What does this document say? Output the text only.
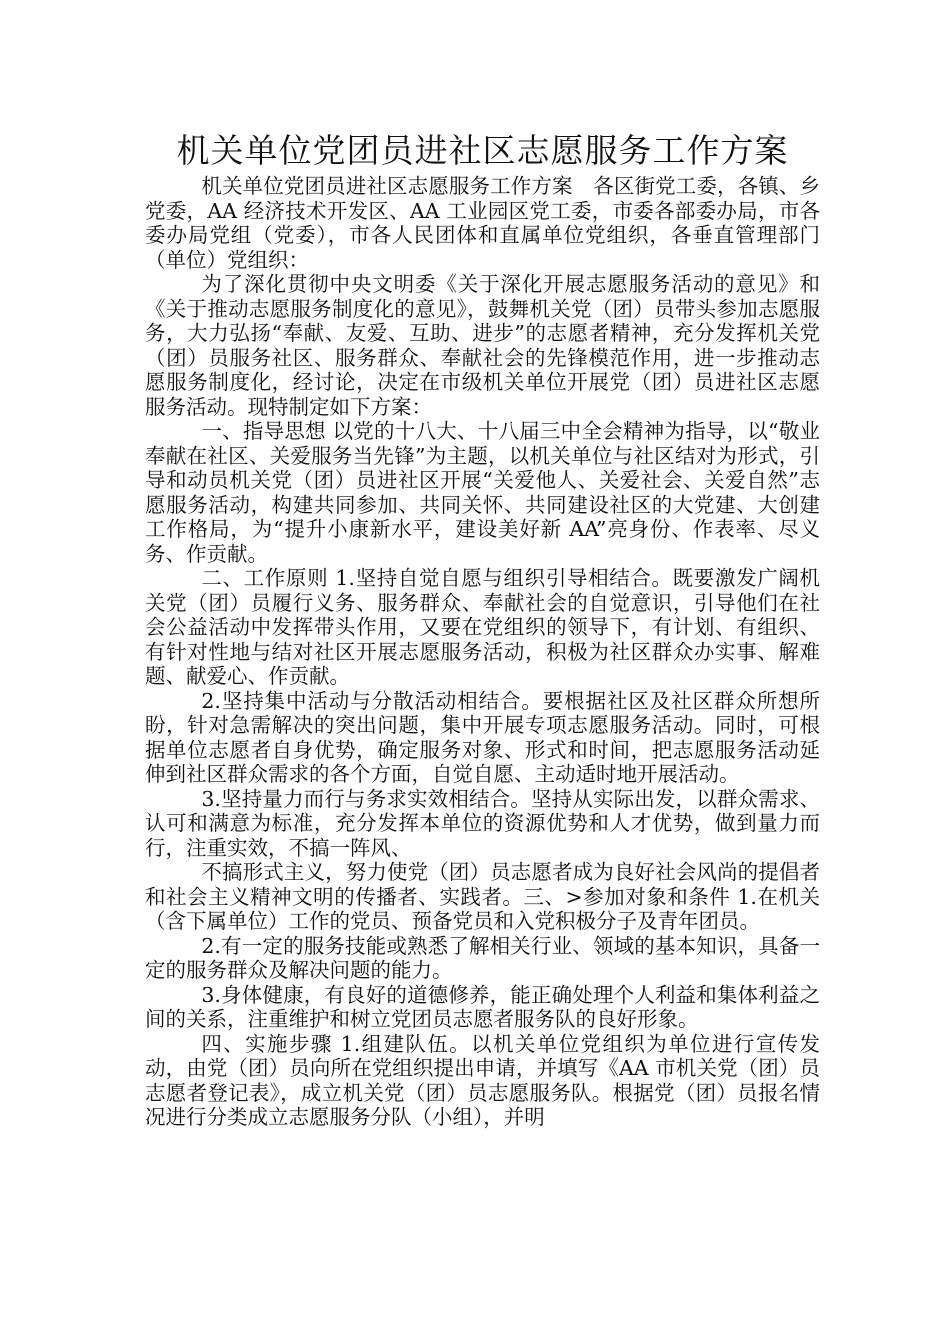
机关单位党团员进社区志愿服务工作方案

机关单位党团员进社区志愿服务工作方案　各区街党工委，各镇、乡党委，AA 经济技术开发区、AA 工业园区党工委，市委各部委办局，市各委办局党组（党委），市各人民团体和直属单位党组织，各垂直管理部门（单位）党组织：

为了深化贯彻中央文明委《关于深化开展志愿服务活动的意见》和《关于推动志愿服务制度化的意见》，鼓舞机关党（团）员带头参加志愿服务，大力弘扬“奉献、友爱、互助、进步”的志愿者精神，充分发挥机关党（团）员服务社区、服务群众、奉献社会的先锋模范作用，进一步推动志愿服务制度化，经讨论，决定在市级机关单位开展党（团）员进社区志愿服务活动。现特制定如下方案：

一、指导思想 以党的十八大、十八届三中全会精神为指导，以“敬业奉献在社区、关爱服务当先锋”为主题，以机关单位与社区结对为形式，引导和动员机关党（团）员进社区开展“关爱他人、关爱社会、关爱自然”志愿服务活动，构建共同参加、共同关怀、共同建设社区的大党建、大创建工作格局，为“提升小康新水平，建设美好新 AA”亮身份、作表率、尽义务、作贡献。

二、工作原则 1.坚持自觉自愿与组织引导相结合。既要激发广阔机关党（团）员履行义务、服务群众、奉献社会的自觉意识，引导他们在社会公益活动中发挥带头作用，又要在党组织的领导下，有计划、有组织、有针对性地与结对社区开展志愿服务活动，积极为社区群众办实事、解难题、献爱心、作贡献。

2.坚持集中活动与分散活动相结合。要根据社区及社区群众所想所盼，针对急需解决的突出问题，集中开展专项志愿服务活动。同时，可根据单位志愿者自身优势，确定服务对象、形式和时间，把志愿服务活动延伸到社区群众需求的各个方面，自觉自愿、主动适时地开展活动。

3.坚持量力而行与务求实效相结合。坚持从实际出发，以群众需求、认可和满意为标准，充分发挥本单位的资源优势和人才优势，做到量力而行，注重实效，不搞一阵风、

不搞形式主义，努力使党（团）员志愿者成为良好社会风尚的提倡者和社会主义精神文明的传播者、实践者。三、>参加对象和条件 1.在机关（含下属单位）工作的党员、预备党员和入党积极分子及青年团员。

2.有一定的服务技能或熟悉了解相关行业、领域的基本知识，具备一定的服务群众及解决问题的能力。

3.身体健康，有良好的道德修养，能正确处理个人利益和集体利益之间的关系，注重维护和树立党团员志愿者服务队的良好形象。

四、实施步骤 1.组建队伍。以机关单位党组织为单位进行宣传发动，由党（团）员向所在党组织提出申请，并填写《AA 市机关党（团）员志愿者登记表》，成立机关党（团）员志愿服务队。根据党（团）员报名情况进行分类成立志愿服务分队（小组），并明
